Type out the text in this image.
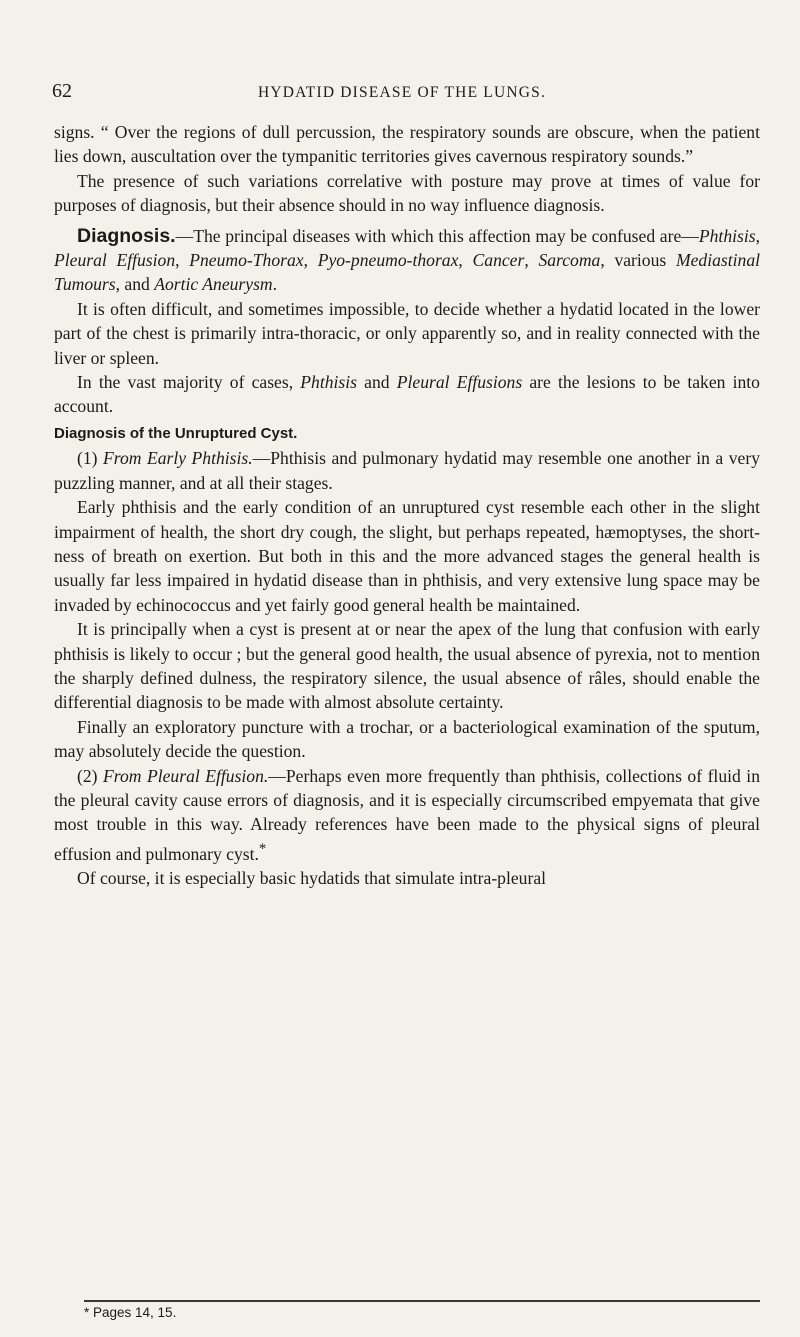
62	HYDATID DISEASE OF THE LUNGS.

signs. “ Over the regions of dull percussion, the respiratory sounds are obscure, when the patient lies down, auscultation over the tympanitic territories gives cavernous respiratory sounds.”

The presence of such variations correlative with posture may prove at times of value for purposes of diagnosis, but their absence should in no way influence diagnosis.

Diagnosis.—The principal diseases with which this affection may be confused are—Phthisis, Pleural Effusion, Pneumo-Thorax, Pyo-pneumo-thorax, Cancer, Sarcoma, various Mediastinal Tumours, and Aortic Aneurysm.

It is often difficult, and sometimes impossible, to decide whether a hydatid located in the lower part of the chest is primarily intra-thoracic, or only apparently so, and in reality connected with the liver or spleen.

In the vast majority of cases, Phthisis and Pleural Effusions are the lesions to be taken into account.

Diagnosis of the Unruptured Cyst.

(1) From Early Phthisis.—Phthisis and pulmonary hydatid may resemble one another in a very puzzling manner, and at all their stages.

Early phthisis and the early condition of an unruptured cyst resemble each other in the slight impairment of health, the short dry cough, the slight, but perhaps repeated, hæmoptyses, the short-ness of breath on exertion. But both in this and the more advanced stages the general health is usually far less impaired in hydatid disease than in phthisis, and very extensive lung space may be invaded by echinococcus and yet fairly good general health be maintained.

It is principally when a cyst is present at or near the apex of the lung that confusion with early phthisis is likely to occur ; but the general good health, the usual absence of pyrexia, not to mention the sharply defined dulness, the respiratory silence, the usual absence of râles, should enable the differential diagnosis to be made with almost absolute certainty.

Finally an exploratory puncture with a trochar, or a bacteriological examination of the sputum, may absolutely decide the question.

(2) From Pleural Effusion.—Perhaps even more frequently than phthisis, collections of fluid in the pleural cavity cause errors of diagnosis, and it is especially circumscribed empyemata that give most trouble in this way. Already references have been made to the physical signs of pleural effusion and pulmonary cyst.*

Of course, it is especially basic hydatids that simulate intra-pleural

* Pages 14, 15.
